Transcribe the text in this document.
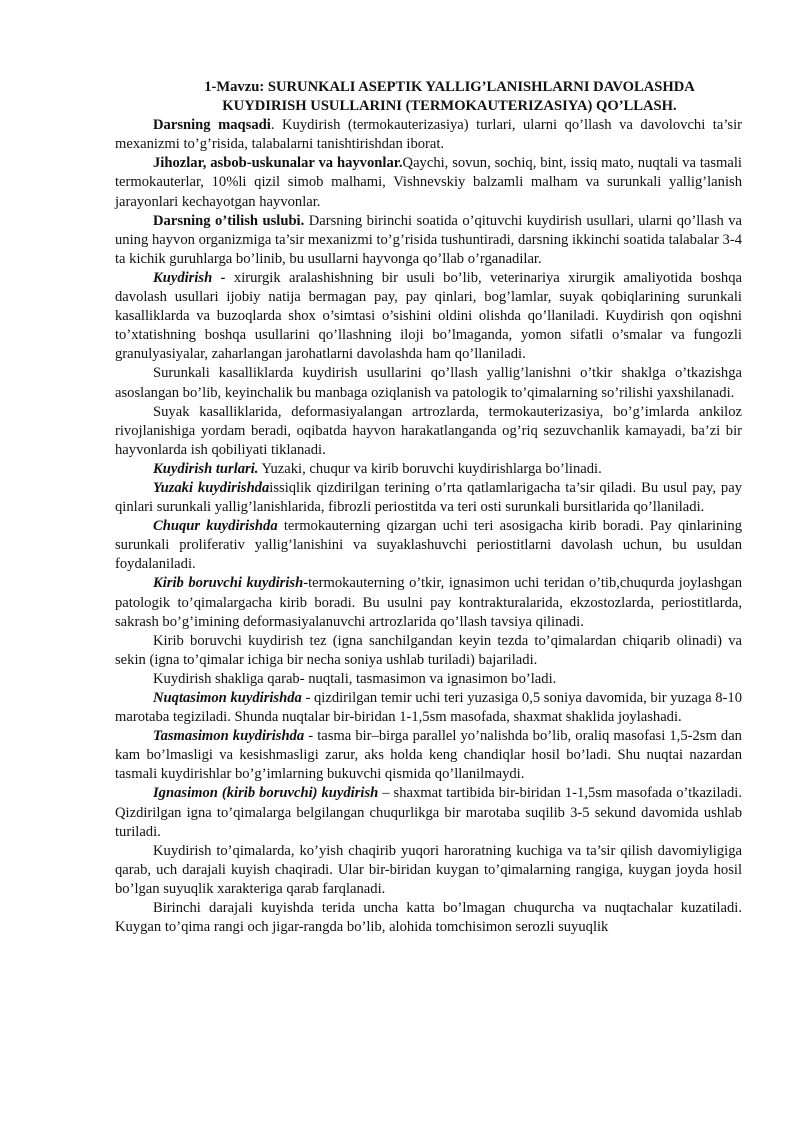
1-Mavzu: SURUNKALI ASEPTIK YALLIG’LANISHLARNI DAVOLASHDA
KUYDIRISH USULLARINI (TERMOKAUTERIZASIYA) QO’LLASH.

Darsning maqsadi. Kuydirish (termokauterizasiya) turlari, ularni qo’llash va davolovchi ta’sir mexanizmi to’g’risida, talabalarni tanishtirishdan iborat.

Jihozlar, asbob-uskunalar va hayvonlar.Qaychi, sovun, sochiq, bint, issiq mato, nuqtali va tasmali termokauterlar, 10%li qizil simob malhami, Vishnevskiy balzamli malham va surunkali yallig’lanish jarayonlari kechayotgan hayvonlar.

Darsning o’tilish uslubi. Darsning birinchi soatida o’qituvchi kuydirish usullari, ularni qo’llash va uning hayvon organizmiga ta’sir mexanizmi to’g’risida tushuntiradi, darsning ikkinchi soatida talabalar 3-4 ta kichik guruhlarga bo’linib, bu usullarni hayvonga qo’llab o’rganadilar.

Kuydirish - xirurgik aralashishning bir usuli bo’lib, veterinariya xirurgik amaliyotida boshqa davolash usullari ijobiy natija bermagan pay, pay qinlari, bog’lamlar, suyak qobiqlarining surunkali kasalliklarda va buzoqlarda shox o’simtasi o’sishini oldini olishda qo’llaniladi. Kuydirish qon oqishni to’xtatishning boshqa usullarini qo’llashning iloji bo’lmaganda, yomon sifatli o’smalar va fungozli granulyasiyalar, zaharlangan jarohatlarni davolashda ham qo’llaniladi.

Surunkali kasalliklarda kuydirish usullarini qo’llash yallig’lanishni o’tkir shaklga o’tkazishga asoslangan bo’lib, keyinchalik bu manbaga oziqlanish va patologik to’qimalarning so’rilishi yaxshilanadi.

Suyak kasalliklarida, deformasiyalangan artrozlarda, termokauterizasiya, bo’g’imlarda ankiloz rivojlanishiga yordam beradi, oqibatda hayvon harakatlanganda og’riq sezuvchanlik kamayadi, ba’zi bir hayvonlarda ish qobiliyati tiklanadi.

Kuydirish turlari. Yuzaki, chuqur va kirib boruvchi kuydirishlarga bo’linadi.

Yuzaki kuydirishdaissiqlik qizdirilgan terining o’rta qatlamlarigacha ta’sir qiladi. Bu usul pay, pay qinlari surunkali yallig’lanishlarida, fibrozli periostitda va teri osti surunkali bursitlarida qo’llaniladi.

Chuqur kuydirishda termokauterning qizargan uchi teri asosigacha kirib boradi. Pay qinlarining surunkali proliferativ yallig’lanishini va suyaklashuvchi periostitlarni davolash uchun, bu usuldan foydalaniladi.

Kirib boruvchi kuydirish-termokauterning o’tkir, ignasimon uchi teridan o’tib,chuqurda joylashgan patologik to’qimalargacha kirib boradi. Bu usulni pay kontrakturalarida, ekzostozlarda, periostitlarda, sakrash bo’g’imining deformasiyalanuvchi artrozlarida qo’llash tavsiya qilinadi.

Kirib boruvchi kuydirish tez (igna sanchilgandan keyin tezda to’qimalardan chiqarib olinadi) va sekin (igna to’qimalar ichiga bir necha soniya ushlab turiladi) bajariladi.

Kuydirish shakliga qarab- nuqtali, tasmasimon va ignasimon bo’ladi.

Nuqtasimon kuydirishda - qizdirilgan temir uchi teri yuzasiga 0,5 soniya davomida, bir yuzaga 8-10 marotaba tegiziladi. Shunda nuqtalar bir-biridan 1-1,5sm masofada, shaxmat shaklida joylashadi.

Tasmasimon kuydirishda - tasma bir–birga parallel yo’nalishda bo’lib, oraliq masofasi 1,5-2sm dan kam bo’lmasligi va kesishmasligi zarur, aks holda keng chandiqlar hosil bo’ladi. Shu nuqtai nazardan tasmali kuydirishlar bo’g’imlarning bukuvchi qismida qo’llanilmaydi.

Ignasimon (kirib boruvchi) kuydirish – shaxmat tartibida bir-biridan 1-1,5sm masofada o’tkaziladi. Qizdirilgan igna to’qimalarga belgilangan chuqurlikga bir marotaba suqilib 3-5 sekund davomida ushlab turiladi.

Kuydirish to’qimalarda, ko’yish chaqirib yuqori haroratning kuchiga va ta’sir qilish davomiyligiga qarab, uch darajali kuyish chaqiradi. Ular bir-biridan kuygan to’qimalarning rangiga, kuygan joyda hosil bo’lgan suyuqlik xarakteriga qarab farqlanadi.

Birinchi darajali kuyishda terida uncha katta bo’lmagan chuqurcha va nuqtachalar kuzatiladi. Kuygan to’qima rangi och jigar-rangda bo’lib, alohida tomchisimon serozli suyuqlik
